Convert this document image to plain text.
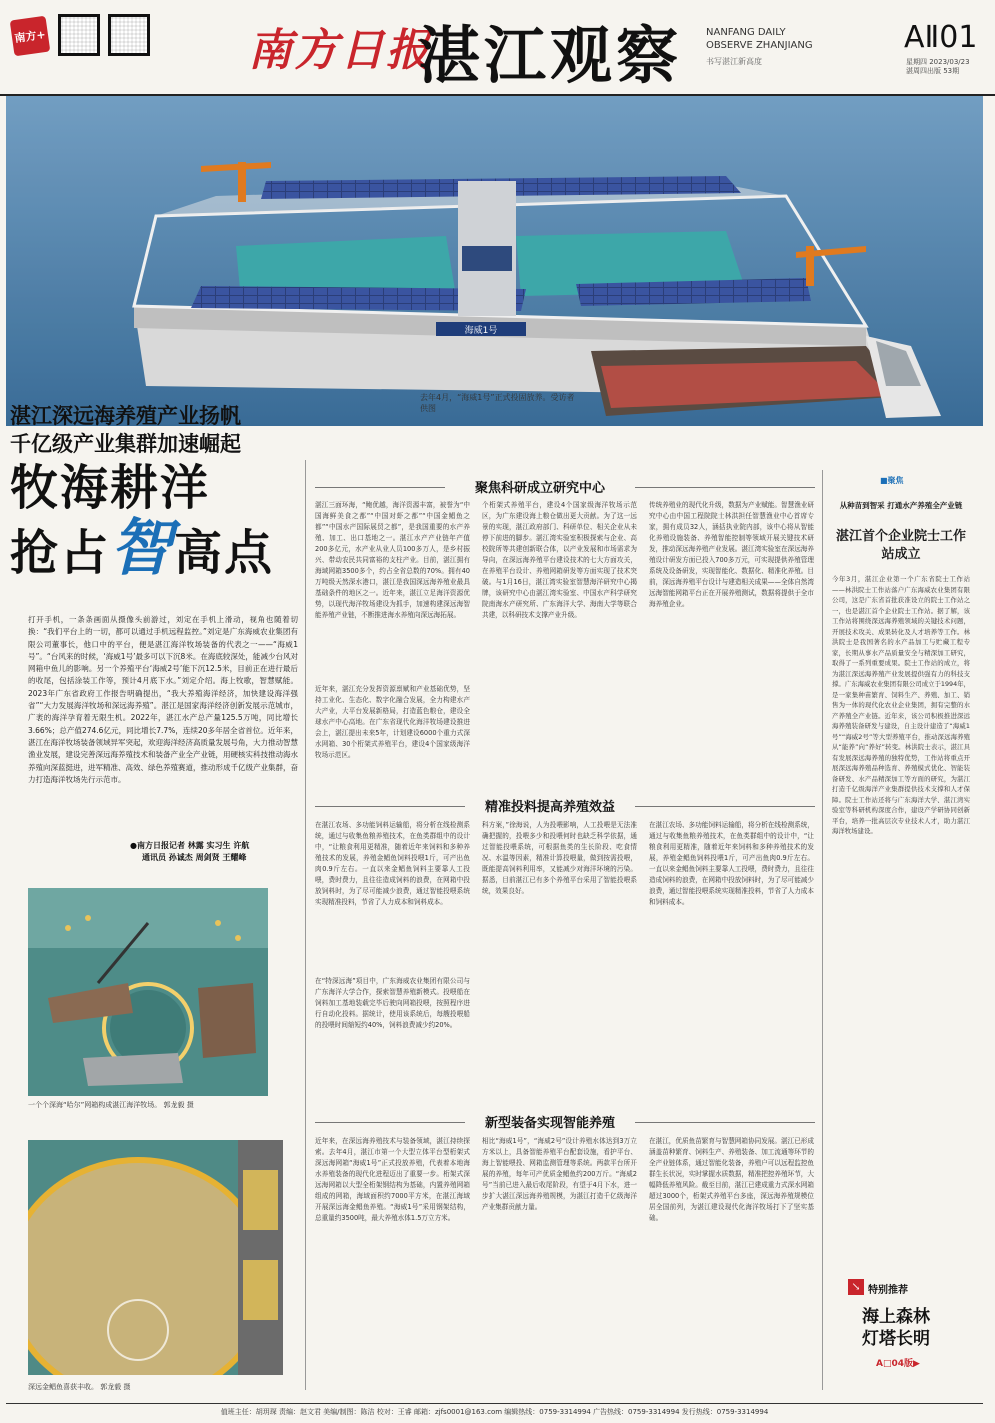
南方+	南方日报
湛江观察 NANFANG DAILY
OBSERVE ZHANJIANG
书写湛江新高度
AⅡ01
星期四 2023/03/23
湛周四出版 53期
海威1号
去年4月，“海威1号”正式投固放养。受访者供图
湛江深远海养殖产业扬帆
千亿级产业集群加速崛起
牧海耕洋
抢占智高点
打开手机，一条条画面从摄像头前游过，刘定在手机上滑动，视角也随着切换：“我们平台上的一切，都可以通过手机远程监控。”刘定是广东海威农业集团有限公司董事长，他口中的平台，便是湛江海洋牧场装备的代表之一——“海威1号”。“台风来的时候，‘海威1号’最多可以下沉8米。在海底较深处，能减少台风对网箱中鱼儿的影响。另一个养殖平台‘海威2号’能下沉12.5米，目前正在进行最后的收尾，包括涂装工作等，预计4月底下水。”刘定介绍。海上牧歌，智慧赋能。2023年广东省政府工作报告明确提出，“我大养殖海洋经济，加快建设海洋强省”“大力发展海洋牧场和深远海养殖”。湛江是国家海洋经济创新发展示范城市，广袤的海洋孕育着无限生机。2022年，湛江水产总产量125.5万吨，同比增长3.66%；总产值274.6亿元，同比增长7.7%，连续20多年居全省首位。近年来，湛江在海洋牧场装备领域异军突起，欢迎海洋经济高质量发展号角，大力推动智慧渔业发展，建设完善深远海养殖技术和装备产业全产业链，用硬核实科技推动海水养殖向深蓝挺进，进军精准、高效、绿色养殖赛道，推动形成千亿级产业集群，奋力打造海洋牧场先行示范市。
●南方日报记者 林露 实习生 许航
通讯员 孙诚杰 周剑贤 王耀峰
一个个深海“哈尔”网箱构成湛江海洋牧场。 郭龙毅 摄
深远金鲳鱼喜获丰收。 郭龙毅 摄
聚焦科研成立研究中心
湛江三面环海，“鲍优越，海洋资源丰富，被誉为“中国海鲜美食之都”“中国对虾之都”“中国金鲳鱼之都”“中国水产国际展贸之都”，是我国重要的水产养殖、加工、出口基地之一。湛江水产产业链年产值200多亿元，水产业从业人员100多万人，是乡村振兴、带动农民共同富裕的支柱产业。目前，湛江拥有海域网箱3500多个，约占全省总数的70%。拥有40万吨级天然深水港口，湛江是我国深远海养殖业最具基础条件的地区之一。近年来，湛江立足海洋资源优势，以现代海洋牧场建设为抓手，加速构建深远海智能养殖产业链，不断推进海水养殖向深远海拓展。
近年来，湛江充分发挥资源禀赋和产业基础优势，坚持工业化、生态化、数字化融合发展，全力构建水产大产业，大平台发展新格局，打造蓝色粮仓，建设全球水产中心高地。在广东省现代化海洋牧场建设推进会上，湛江提出未来5年，计划建设6000个重力式深水网箱、30个桁架式养殖平台，建设4个国家级海洋牧场示范区。
个桁架式养殖平台，建设4个国家级海洋牧场示范区，为广东建设海上粮仓做出更大贡献。为了这一远景的实现，湛江政府部门、科研单位、相关企业从未停下前进的脚步。湛江湾实验室积极探索与企业、高校院所等共建创新联合体，以产业发展和市场需求为导向，在深远海养殖平台建设技术的七大方面攻关，在养殖平台设计、养殖网箱研发等方面实现了技术突破。与1月16日，湛江湾实验室智慧海洋研究中心揭牌，该研究中心由湛江湾实验室、中国水产科学研究院南海水产研究所、广东海洋大学、海南大学等联合共建，以科研技术支撑产业升级。
传统养殖业的现代化升级，数据为产业赋能。智慧渔业研究中心由中国工程院院士林洪担任智慧渔业中心首席专家，拥有成员32人，涵括执业院内部，该中心将从智能化养殖设施装备、养殖智能控制等领域开展关键技术研发，推动深远海养殖产业发展。湛江湾实验室在深远海养殖设计研发方面已投入700多万元，可实现提供养殖管理系统及设备研发，实现智能化、数据化、精准化养殖。目前，深远海养殖平台设计与建造相关成果——全体自然湾远海智能网箱平台正在开展养殖测试，数据将提供于全市海养殖企业。
精准投料提高养殖效益
在湛江农场、多功能饲料运输船，将分析在线检测系统，通过与收集鱼粮养殖技术，在鱼类群组中的设计中，“让粮食利用更精准，随着近年来饲料和多种养殖技术的发展，养殖金鲳鱼饲料投喂1斤，可产出鱼肉0.9斤左右。一直以来金鲳鱼饲料主要靠人工投喂，费时费力，且往往造成饲料的浪费，在网箱中投放饲料时，为了尽可能减少浪费，通过智能投喂系统实现精准投料，节省了人力成本和饲料成本。
在“特深远海”项目中，广东海威农业集团有限公司与广东海洋大学合作，探索智慧养殖新模式。投喂船在饲料加工基地装载完毕后驶向网箱投喂，按照程序进行自动化投料。据统计，使用该系统后，每艘投喂船的投喂时间缩短约40%，饲料浪费减少约20%。
科方案，”徐海说，人为投喂影响，人工投喂是无法准确把握的，投喂多少和投喂何时也缺乏科学依据，通过智能投喂系统，可根据鱼类的生长阶段、吃食情况、水温等因素，精准计算投喂量，做到按需投喂，既能提高饲料利用率，又能减少对海洋环境的污染。据悉，目前湛江已有多个养殖平台采用了智能投喂系统，效果良好。
在湛江农场、多功能饲料运输船，将分析在线检测系统，通过与收集鱼粮养殖技术，在鱼类群组中的设计中，“让粮食利用更精准，随着近年来饲料和多种养殖技术的发展，养殖金鲳鱼饲料投喂1斤，可产出鱼肉0.9斤左右。一直以来金鲳鱼饲料主要靠人工投喂，费时费力，且往往造成饲料的浪费，在网箱中投放饲料时，为了尽可能减少浪费，通过智能投喂系统实现精准投料，节省了人力成本和饲料成本。
新型装备实现智能养殖
近年来，在深远海养殖技术与装备领域，湛江持续探索。去年4月，湛江市第一个大型立体平台型桁架式深远海网箱“海威1号”正式投放养殖，代表着本地海水养殖装备的现代化进程迈出了重要一步。桁架式深远海网箱以大型全桁架钢结构为基础，内置养殖网箱组成的网箱，海域面积约7000平方米，在湛江海域开展深远海金鲳鱼养殖。“海威1号”采用钢架结构，总重量约3500吨，最大养殖水体1.5万立方米。
相比“海威1号”，“海威2号”设计养殖水体达到3万立方米以上，具备智能养殖平台配套设施，看护平台、海上智能喂投、网箱监测管理等系统。两款平台所开展的养殖，每年可产优质金鲳鱼约200万斤。“海威2号”当前已进入最后收尾阶段，有望于4月下水，进一步扩大湛江深远海养殖规模，为湛江打造千亿级海洋产业集群贡献力量。
在湛江，优质鱼苗繁育与智慧网箱协同发展。湛江已形成涵盖苗种繁育、饲料生产、养殖装备、加工流通等环节的全产业链体系，通过智能化装备，养殖户可以远程监控鱼群生长状况，实时掌握水质数据，精准把控养殖环节，大幅降低养殖风险。截至目前，湛江已建成重力式深水网箱超过3000个，桁架式养殖平台多座，深远海养殖规模位居全国前列，为湛江建设现代化海洋牧场打下了坚实基础。
■聚焦
从种苗到智采 打通水产养殖全产业链
湛江首个企业院士工作站成立
今年3月，湛江企业第一个广东省院士工作站——林洪院士工作站落户广东海威农业集团有限公司，这是广东省首批获准设立的院士工作站之一，也是湛江首个企业院士工作站。据了解，该工作站将围绕深远海养殖领域的关键技术问题，开展技术攻关、成果转化及人才培养等工作。林洪院士是我国著名的水产品加工与贮藏工程专家，长期从事水产品质量安全与精深加工研究，取得了一系列重要成果。院士工作站的成立，将为湛江深远海养殖产业发展提供强有力的科技支撑。广东海威农业集团有限公司成立于1994年，是一家集种苗繁育、饲料生产、养殖、加工、销售为一体的现代化农业企业集团，拥有完整的水产养殖全产业链。近年来，该公司积极推进深远海养殖装备研发与建设，自主设计建造了“海威1号”“海威2号”等大型养殖平台，推动深远海养殖从“能养”向“养好”转变。林洪院士表示，湛江具有发展深远海养殖的独特优势，工作站将重点开展深远海养殖品种选育、养殖模式优化、智能装备研发、水产品精深加工等方面的研究，为湛江打造千亿级海洋产业集群提供技术支撑和人才保障。院士工作站还将与广东海洋大学、湛江湾实验室等科研机构深度合作，建设产学研协同创新平台，培养一批高层次专业技术人才，助力湛江海洋牧场建设。
↘ 特别推荐
海上森林
灯塔长明
A□04版▶
值班主任：胡玥琛 责编：赵文君 美编/制图：陈洁 校对：王睿 邮箱：zjfs0001@163.com 编辑热线：0759-3314994 广告热线：0759-3314994 发行热线：0759-3314994
